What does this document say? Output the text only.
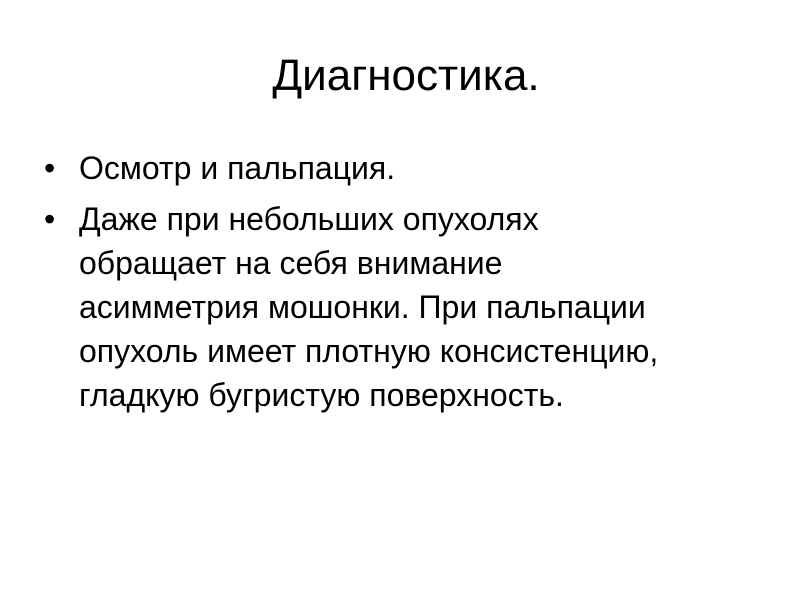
Диагностика.
• Осмотр и пальпация.
• Даже при небольших опухолях
обращает на себя внимание
асимметрия мошонки. При пальпации
опухоль имеет плотную консистенцию,
гладкую бугристую поверхность.
